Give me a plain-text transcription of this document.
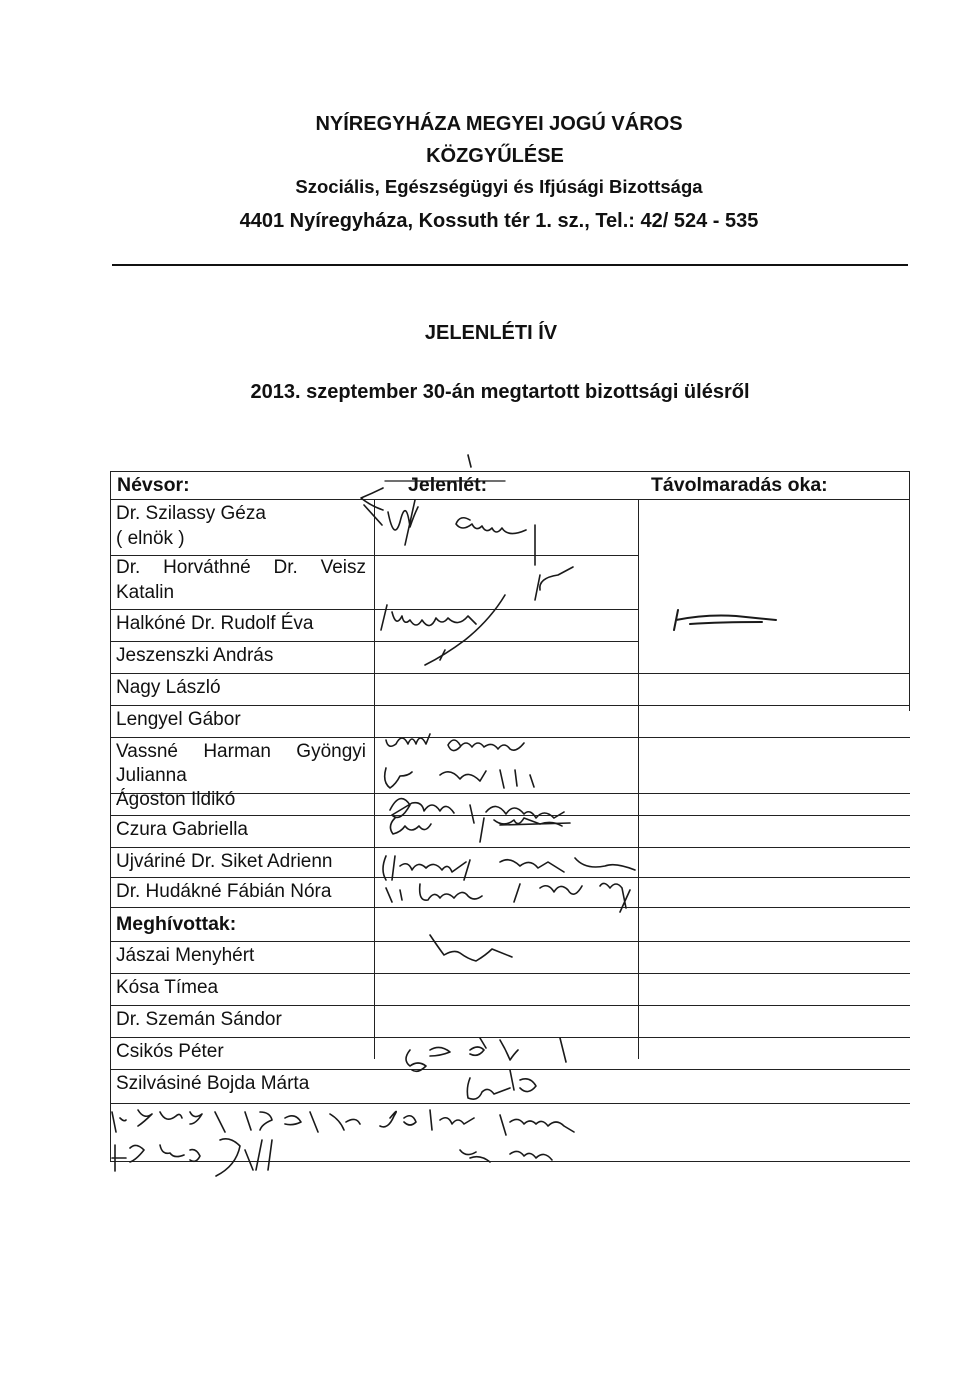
NYÍREGYHÁZA MEGYEI JOGÚ VÁROS
KÖZGYŰLÉSE
Szociális, Egészségügyi és Ifjúsági Bizottsága
4401 Nyíregyháza, Kossuth tér 1. sz., Tel.: 42/ 524 - 535
JELENLÉTI ÍV
2013. szeptember 30-án megtartott bizottsági ülésről
Névsor:	Jelenlét:	Távolmaradás oka:
Dr. Szilassy Géza
( elnök )
Dr. Horváthné Dr. Veisz
Katalin
Halkóné Dr. Rudolf Éva
Jeszenszki András
Nagy László
Lengyel Gábor
Vassné Harman Gyöngyi
Julianna
Ágoston Ildikó
Czura Gabriella
Ujváriné Dr. Siket Adrienn
Dr. Hudákné Fábián Nóra
Meghívottak:
Jászai Menyhért
Kósa Tímea
Dr. Szemán Sándor
Csikós Péter
Szilvásiné Bojda Márta
